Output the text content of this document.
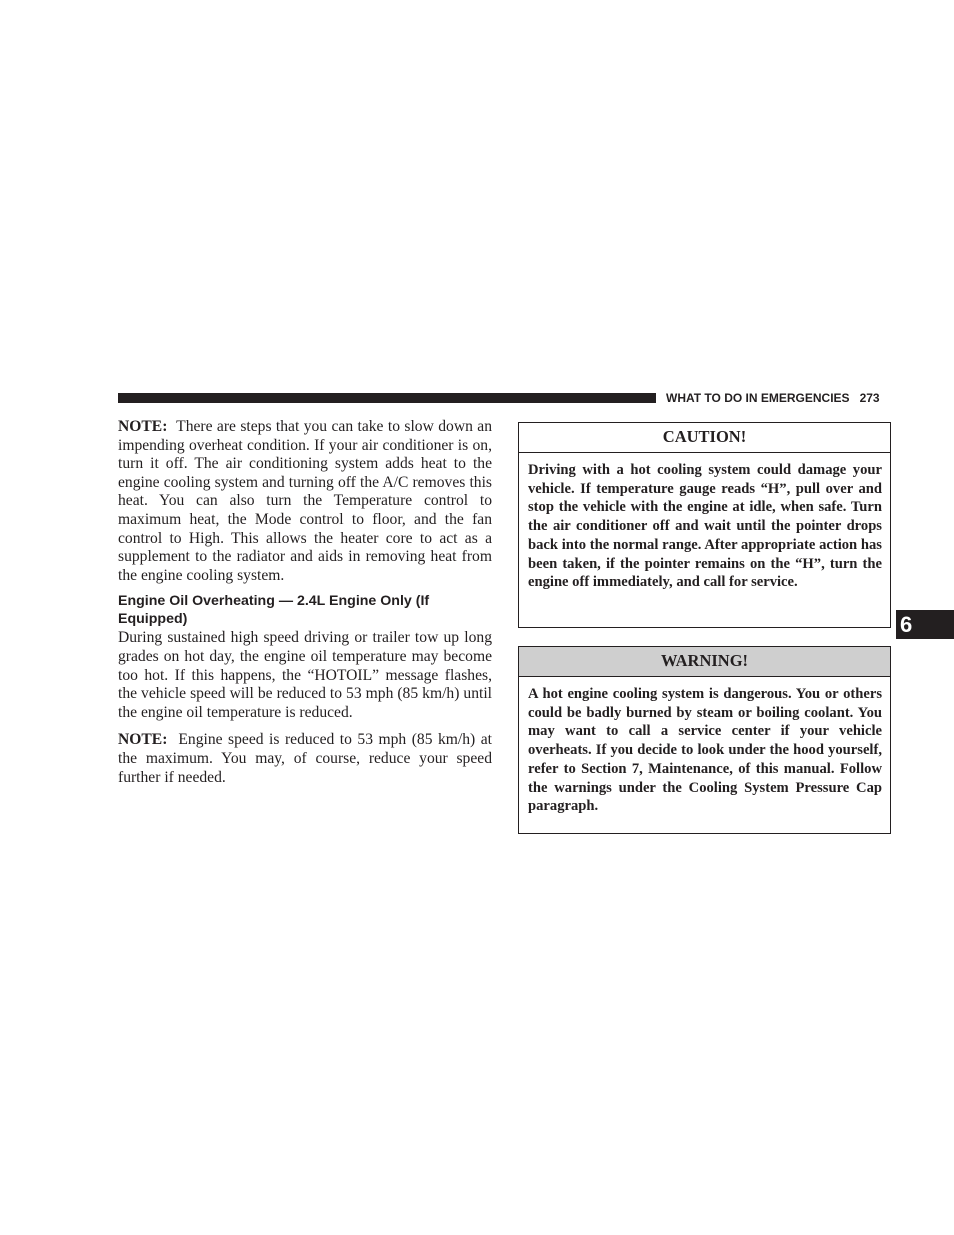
WHAT TO DO IN EMERGENCIES 273

NOTE: There are steps that you can take to slow down an impending overheat condition. If your air conditioner is on, turn it off. The air conditioning system adds heat to the engine cooling system and turning off the A/C removes this heat. You can also turn the Temperature control to maximum heat, the Mode control to floor, and the fan control to High. This allows the heater core to act as a supplement to the radiator and aids in removing heat from the engine cooling system.

Engine Oil Overheating — 2.4L Engine Only (If Equipped)

During sustained high speed driving or trailer tow up long grades on hot day, the engine oil temperature may become too hot. If this happens, the “HOTOIL” message flashes, the vehicle speed will be reduced to 53 mph (85 km/h) until the engine oil temperature is reduced.

NOTE: Engine speed is reduced to 53 mph (85 km/h) at the maximum. You may, of course, reduce your speed further if needed.

CAUTION!
Driving with a hot cooling system could damage your vehicle. If temperature gauge reads “H”, pull over and stop the vehicle with the engine at idle, when safe. Turn the air conditioner off and wait until the pointer drops back into the normal range. After appropriate action has been taken, if the pointer remains on the “H”, turn the engine off immediately, and call for service.
WARNING!
A hot engine cooling system is dangerous. You or others could be badly burned by steam or boiling coolant. You may want to call a service center if your vehicle overheats. If you decide to look under the hood yourself, refer to Section 7, Maintenance, of this manual. Follow the warnings under the Cooling System Pressure Cap paragraph.
6
